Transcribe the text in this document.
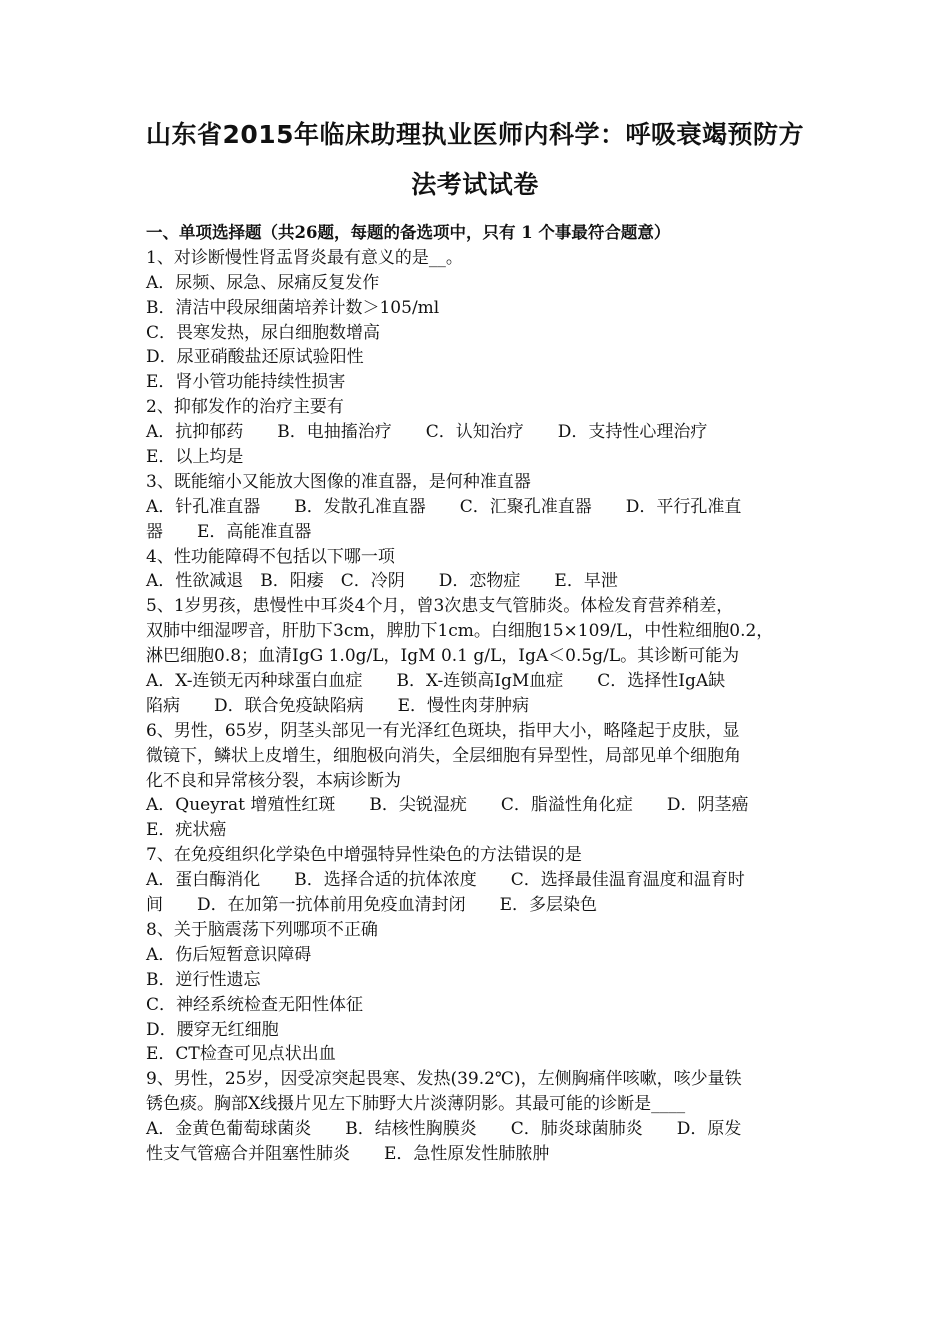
山东省2015年临床助理执业医师内科学：呼吸衰竭预防方
法考试试卷
一、单项选择题（共26题，每题的备选项中，只有 1 个事最符合题意）
1、对诊断慢性肾盂肾炎最有意义的是__。
A．尿频、尿急、尿痛反复发作
B．清洁中段尿细菌培养计数＞105/ml
C．畏寒发热，尿白细胞数增高
D．尿亚硝酸盐还原试验阳性
E．肾小管功能持续性损害
2、抑郁发作的治疗主要有
A．抗抑郁药　　B．电抽搐治疗　　C．认知治疗　　D．支持性心理治疗
E．以上均是
3、既能缩小又能放大图像的准直器，是何种准直器
A．针孔准直器　　B．发散孔准直器　　C．汇聚孔准直器　　D．平行孔准直
器　　E．高能准直器
4、性功能障碍不包括以下哪一项
A．性欲减退　B．阳痿　C．冷阴　　D．恋物症　　E．早泄
5、1岁男孩，患慢性中耳炎4个月，曾3次患支气管肺炎。体检发育营养稍差，
双肺中细湿啰音，肝肋下3cm，脾肋下1cm。白细胞15×109/L，中性粒细胞0.2，
淋巴细胞0.8；血清IgG 1.0g/L，IgM 0.1 g/L，IgA＜0.5g/L。其诊断可能为
A．X-连锁无丙种球蛋白血症　　B．X-连锁高IgM血症　　C．选择性IgA缺
陷病　　D．联合免疫缺陷病　　E．慢性肉芽肿病
6、男性，65岁，阴茎头部见一有光泽红色斑块，指甲大小，略隆起于皮肤，显
微镜下，鳞状上皮增生，细胞极向消失，全层细胞有异型性，局部见单个细胞角
化不良和异常核分裂，本病诊断为
A．Queyrat 增殖性红斑　　B．尖锐湿疣　　C．脂溢性角化症　　D．阴茎癌
E．疣状癌
7、在免疫组织化学染色中增强特异性染色的方法错误的是
A．蛋白酶消化　　B．选择合适的抗体浓度　　C．选择最佳温育温度和温育时
间　　D．在加第一抗体前用免疫血清封闭　　E．多层染色
8、关于脑震荡下列哪项不正确
A．伤后短暂意识障碍
B．逆行性遗忘
C．神经系统检查无阳性体征
D．腰穿无红细胞
E．CT检查可见点状出血
9、男性，25岁，因受凉突起畏寒、发热(39.2℃)，左侧胸痛伴咳嗽，咳少量铁
锈色痰。胸部X线摄片见左下肺野大片淡薄阴影。其最可能的诊断是____
A．金黄色葡萄球菌炎　　B．结核性胸膜炎　　C．肺炎球菌肺炎　　D．原发
性支气管癌合并阻塞性肺炎　　E．急性原发性肺脓肿
